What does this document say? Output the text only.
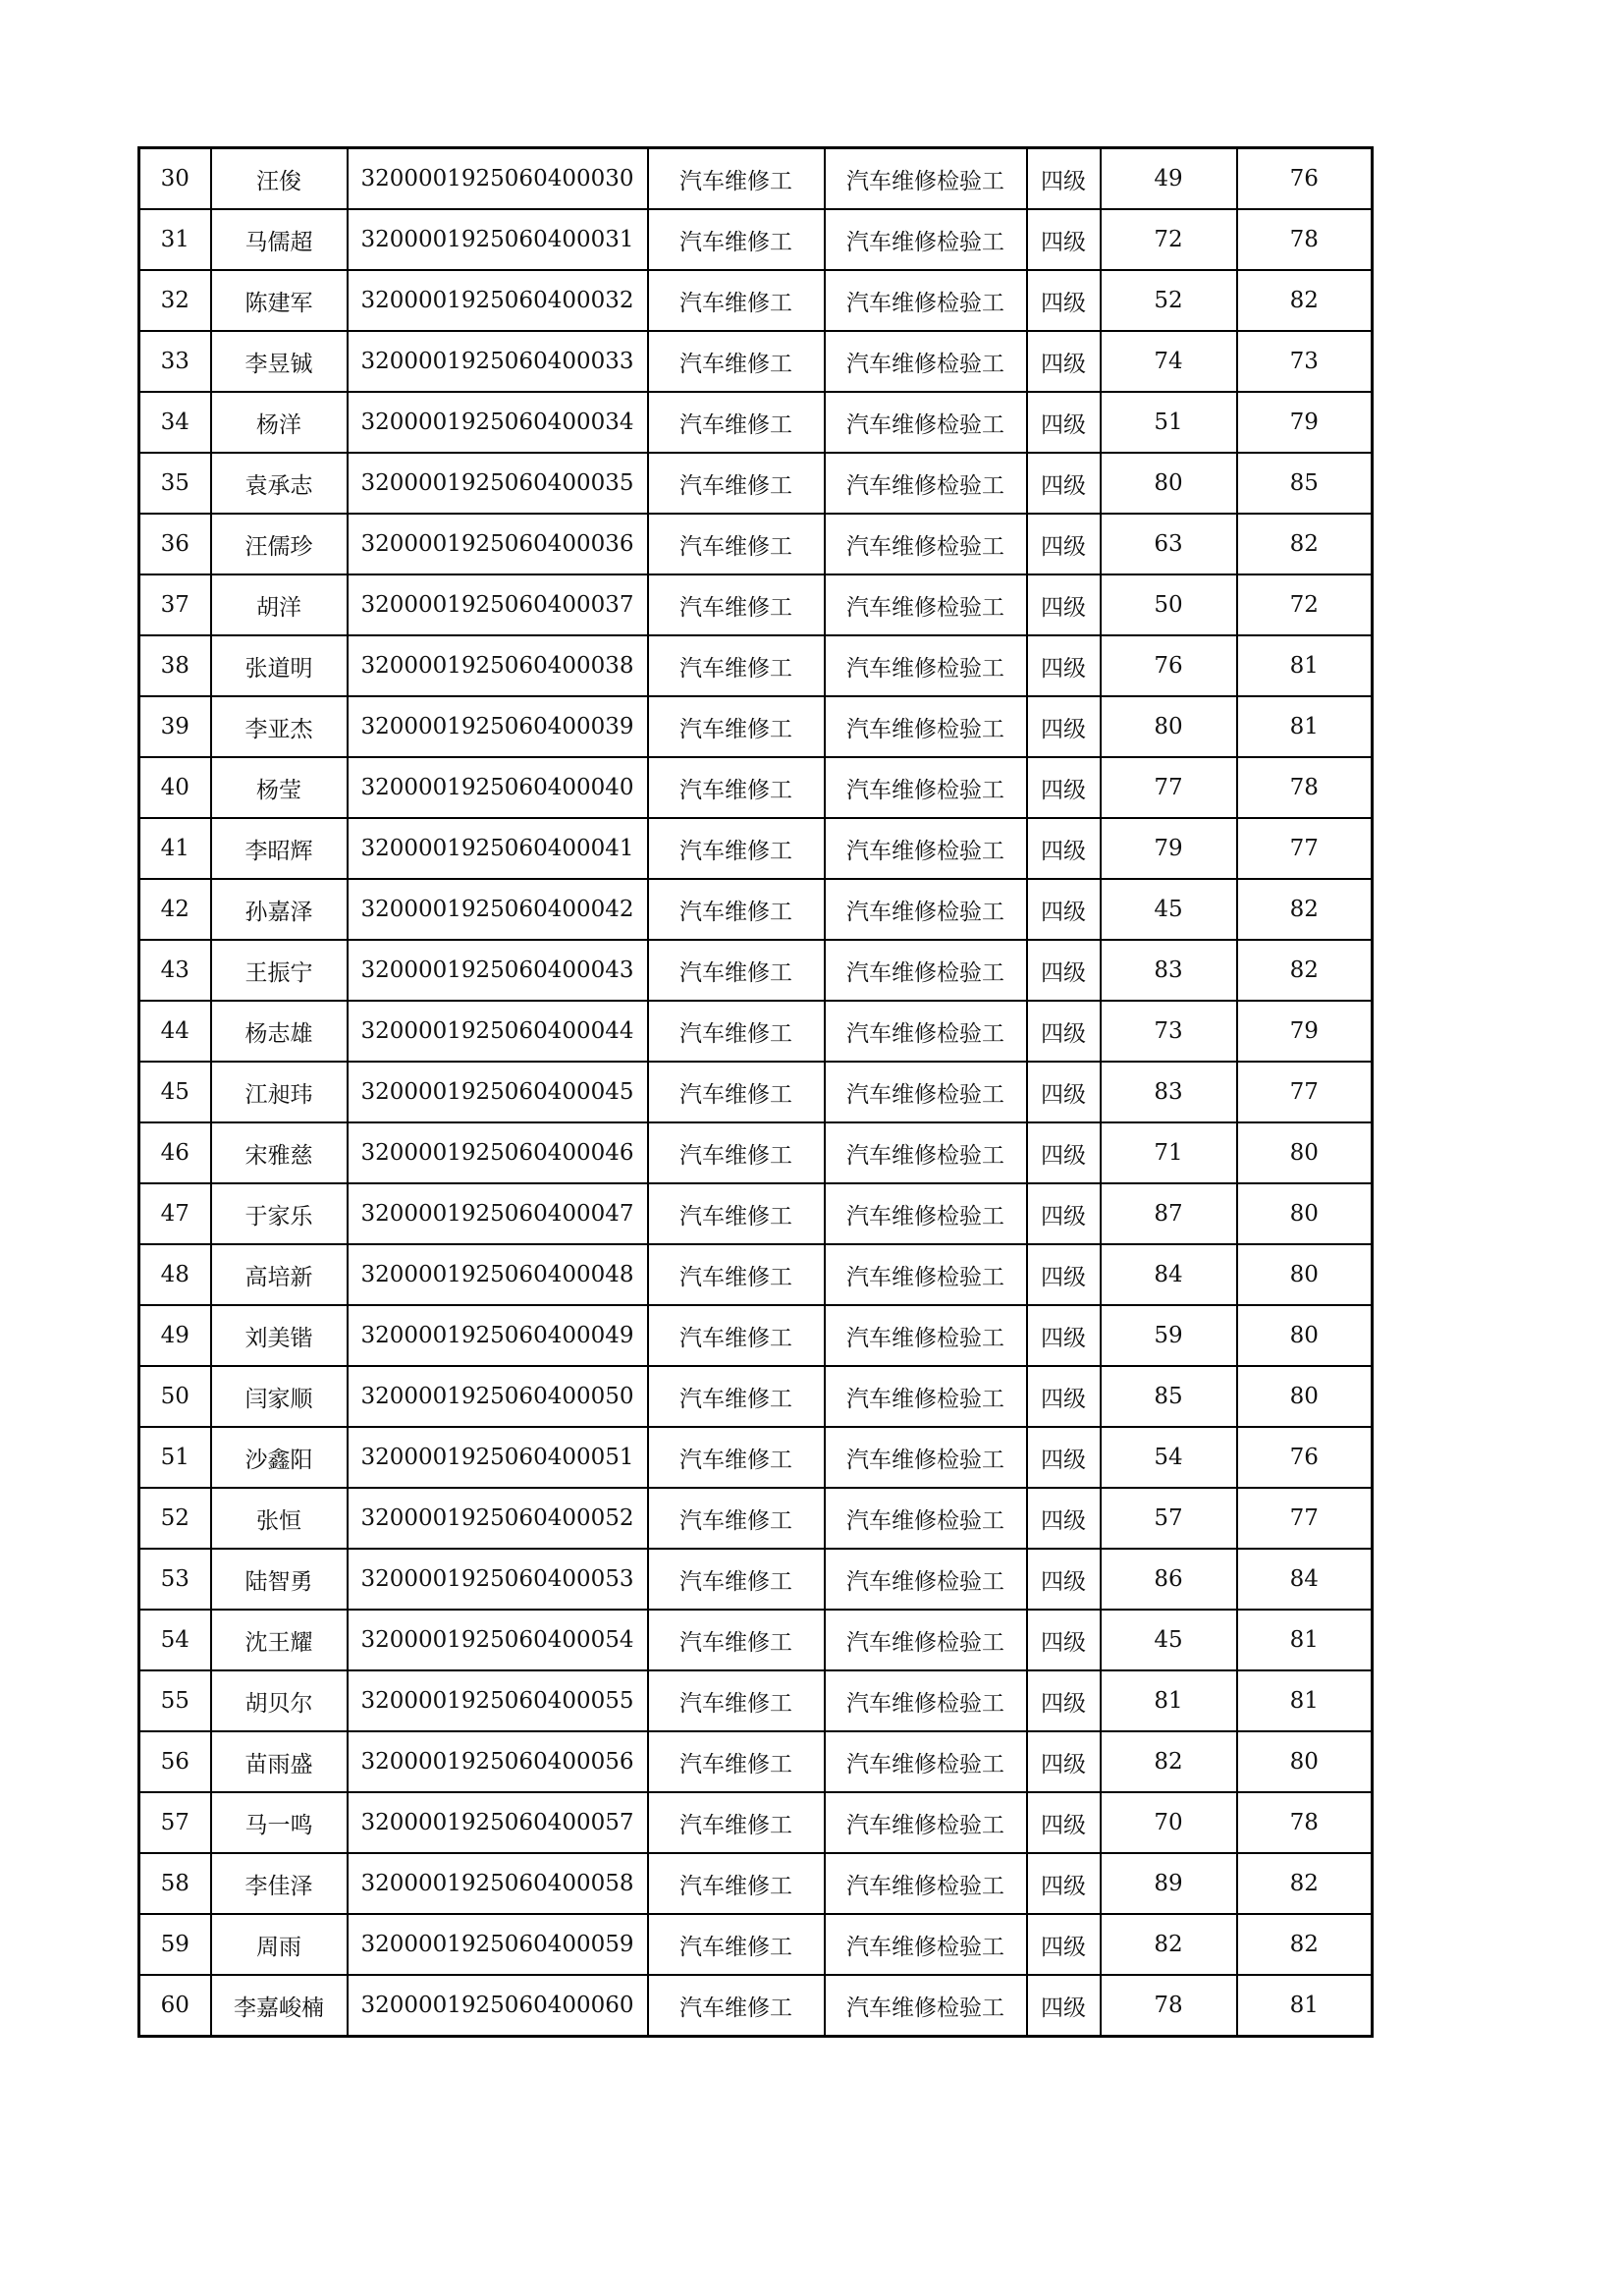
30	汪俊	3200001925060400030	汽车维修工	汽车维修检验工	四级	49	76
31	马儒超	3200001925060400031	汽车维修工	汽车维修检验工	四级	72	78
32	陈建军	3200001925060400032	汽车维修工	汽车维修检验工	四级	52	82
33	李昱铖	3200001925060400033	汽车维修工	汽车维修检验工	四级	74	73
34	杨洋	3200001925060400034	汽车维修工	汽车维修检验工	四级	51	79
35	袁承志	3200001925060400035	汽车维修工	汽车维修检验工	四级	80	85
36	汪儒珍	3200001925060400036	汽车维修工	汽车维修检验工	四级	63	82
37	胡洋	3200001925060400037	汽车维修工	汽车维修检验工	四级	50	72
38	张道明	3200001925060400038	汽车维修工	汽车维修检验工	四级	76	81
39	李亚杰	3200001925060400039	汽车维修工	汽车维修检验工	四级	80	81
40	杨莹	3200001925060400040	汽车维修工	汽车维修检验工	四级	77	78
41	李昭辉	3200001925060400041	汽车维修工	汽车维修检验工	四级	79	77
42	孙嘉泽	3200001925060400042	汽车维修工	汽车维修检验工	四级	45	82
43	王振宁	3200001925060400043	汽车维修工	汽车维修检验工	四级	83	82
44	杨志雄	3200001925060400044	汽车维修工	汽车维修检验工	四级	73	79
45	江昶玮	3200001925060400045	汽车维修工	汽车维修检验工	四级	83	77
46	宋雅慈	3200001925060400046	汽车维修工	汽车维修检验工	四级	71	80
47	于家乐	3200001925060400047	汽车维修工	汽车维修检验工	四级	87	80
48	高培新	3200001925060400048	汽车维修工	汽车维修检验工	四级	84	80
49	刘美锴	3200001925060400049	汽车维修工	汽车维修检验工	四级	59	80
50	闫家顺	3200001925060400050	汽车维修工	汽车维修检验工	四级	85	80
51	沙鑫阳	3200001925060400051	汽车维修工	汽车维修检验工	四级	54	76
52	张恒	3200001925060400052	汽车维修工	汽车维修检验工	四级	57	77
53	陆智勇	3200001925060400053	汽车维修工	汽车维修检验工	四级	86	84
54	沈王耀	3200001925060400054	汽车维修工	汽车维修检验工	四级	45	81
55	胡贝尔	3200001925060400055	汽车维修工	汽车维修检验工	四级	81	81
56	苗雨盛	3200001925060400056	汽车维修工	汽车维修检验工	四级	82	80
57	马一鸣	3200001925060400057	汽车维修工	汽车维修检验工	四级	70	78
58	李佳泽	3200001925060400058	汽车维修工	汽车维修检验工	四级	89	82
59	周雨	3200001925060400059	汽车维修工	汽车维修检验工	四级	82	82
60	李嘉峻楠	3200001925060400060	汽车维修工	汽车维修检验工	四级	78	81
